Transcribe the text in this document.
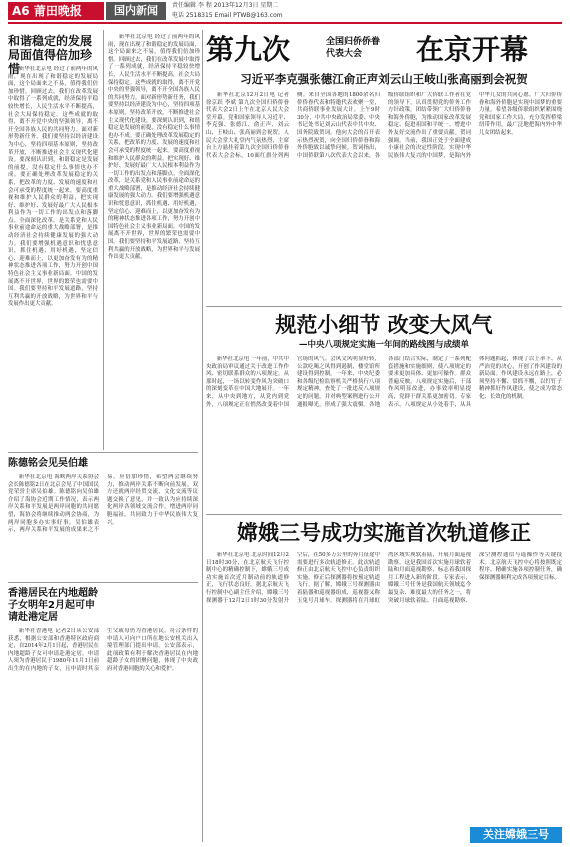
A6 莆田晚报	国内新闻	责任编辑 李 程 2013年12月3日 星期二
电话 2518315 Email PTWB@163.com
和谐稳定的发展
局面值得倍加珍惜

新华社北京电 经过了前两年的风雨，现在出现了和谐稳定的发展局面，这个局面来之不易，值得我们倍加珍惜。回顾过去，我们在改革发展中取得了一系列成就，经济保持平稳较快增长，人民生活水平不断提高，社会大局保持稳定。这些成就的取得，离不开党中央的坚强领导，离不开全国各族人民的共同努力。面对新形势新任务，我们要坚持以经济建设为中心，坚持四项基本原则，坚持改革开放，不断推进社会主义现代化建设。要深刻认识到，和谐稳定是发展的前提，没有稳定什么事情也办不成。要正确处理改革发展稳定的关系，把改革的力度、发展的速度和社会可承受的程度统一起来。要高度重视和维护人民群众的利益，把实现好、维护好、发展好最广大人民根本利益作为一切工作的出发点和落脚点。全面深化改革，是关系党和人民事业前途命运的重大战略部署，是推动经济社会持续健康发展的强大动力。我们要增强机遇意识和忧患意识，抓住机遇、用好机遇，坚定信心、迎难而上，以更加奋发有为的精神状态推进各项工作，努力开创中国特色社会主义事业新局面。中国的发展离不开世界，世界的繁荣也需要中国。我们要坚持和平发展道路，坚持互利共赢的开放战略，为世界和平与发展作出更大贡献。

新华社北京电 经过了前两年的风雨，现在出现了和谐稳定的发展局面，这个局面来之不易，值得我们倍加珍惜。回顾过去，我们在改革发展中取得了一系列成就，经济保持平稳较快增长，人民生活水平不断提高，社会大局保持稳定。这些成就的取得，离不开党中央的坚强领导，离不开全国各族人民的共同努力。面对新形势新任务，我们要坚持以经济建设为中心，坚持四项基本原则，坚持改革开放，不断推进社会主义现代化建设。要深刻认识到，和谐稳定是发展的前提，没有稳定什么事情也办不成。要正确处理改革发展稳定的关系，把改革的力度、发展的速度和社会可承受的程度统一起来。要高度重视和维护人民群众的利益，把实现好、维护好、发展好最广大人民根本利益作为一切工作的出发点和落脚点。全面深化改革，是关系党和人民事业前途命运的重大战略部署，是推动经济社会持续健康发展的强大动力。我们要增强机遇意识和忧患意识，抓住机遇、用好机遇，坚定信心、迎难而上，以更加奋发有为的精神状态推进各项工作，努力开创中国特色社会主义事业新局面。中国的发展离不开世界，世界的繁荣也需要中国。我们要坚持和平发展道路，坚持互利共赢的开放战略，为世界和平与发展作出更大贡献。

陈德铭会见吴伯雄

新华社北京电 海峡两岸关系协会会长陈德铭2日在北京会见了中国国民党荣誉主席吴伯雄。陈德铭向吴伯雄介绍了海协会近期工作情况，表示两岸关系和平发展是两岸同胞的共同愿望，海协会将继续推动两会协商，为两岸同胞多办实事好事。吴伯雄表示，两岸关系和平发展的成果来之不易，应倍加珍惜，希望两会继续努力，推动两岸关系不断向前发展。双方还就两岸经贸交流、文化交流等议题交换了意见，并一致认为应持续深化两岸各领域交流合作，增进两岸同胞福祉，共同致力于中华民族伟大复兴。

香港居民在内地超龄
子女明年2月起可申
请赴港定居

新华社香港电 记者2日从公安部获悉，根据公安部和香港特区政府商定，自2014年2月1日起，香港居民在内地超龄子女可申请赴港定居。申请人须为香港居民于1980年11月1日前出生的在内地的子女，且申请时其亲生父或母仍为香港居民。符合条件的申请人可向户口所在地公安机关出入境管理部门提出申请。公安部表示，此项政策有利于解决香港居民在内地超龄子女的团聚问题，体现了中央政府对香港同胞的关心和爱护。

第九次	全国归侨侨眷
代表大会	在京开幕
习近平李克强张德江俞正声刘云山王岐山张高丽到会祝贺

新华社北京12月2日电 记者 徐京跃 李斌 第九次全国归侨侨眷代表大会2日上午在北京人民大会堂开幕。党和国家领导人习近平、李克强、张德江、俞正声、刘云山、王岐山、张高丽到会祝贺。人民大会堂大礼堂内气氛热烈，主席台上方悬挂着第九次全国归侨侨眷代表大会会标，10面红旗分列两侧。来自全国各地的1800余名归侨侨眷代表和特邀代表欢聚一堂，共商侨联事业发展大计。上午9时30分，中共中央政治局常委、中央书记处书记刘云山代表中共中央、国务院致贺词。他向大会的召开表示热烈祝贺，向全国归侨侨眷和海外侨胞致以诚挚问候。贺词指出，中国侨联第八次代表大会以来，各级侨联组织和广大侨联工作者在党的领导下，认真贯彻党的侨务工作方针政策，团结带领广大归侨侨眷和海外侨胞，为推动国家改革发展稳定、促进祖国和平统一、增进中外友好交流作出了重要贡献。贺词强调，当前，我国正处于全面建成小康社会的决定性阶段。实现中华民族伟大复兴的中国梦，是海内外中华儿女的共同心愿。广大归侨侨眷和海外侨胞是实现中国梦的重要力量。希望各级侨联组织紧紧围绕党和国家工作大局，充分发挥桥梁纽带作用，最广泛地把海内外中华儿女团结起来。

规范小细节 改变大风气
—中央八项规定实施一年间的路线图与成绩单

新华社北京电 一年前，中共中央政治局审议通过关于改进工作作风、密切联系群众的八项规定。从那时起，一场以转变作风为突破口的深刻变革在中国大地展开。一年来，从中央到地方，从党内到党外，八项规定正在悄然改变着中国官场的风气。会风文风明显好转，公款吃喝之风得到遏制，楼堂馆所建设得到控制。一年来，中央纪委和各级纪检监察机关严格执行八项规定精神，查处了一批违反八项规定的问题，并对典型案例进行公开通报曝光，形成了强大震慑。各地各部门结合实际，制定了一系列配套措施和实施细则，使八项规定的要求更加具体、更加可操作。群众普遍反映，八项规定实施后，干部作风明显改进，办事效率明显提高，党群干群关系更加密切。专家表示，八项规定从小处着手，从具体问题抓起，体现了以上率下、从严治党的决心，开创了作风建设的新局面。作风建设永远在路上，必须坚持不懈、常抓不懈，以钉钉子精神抓好作风建设，使之成为常态化、长效化的机制。

嫦娥三号成功实施首次轨道修正

新华社北京电 北京时间12月2日18时30分，在北京航天飞行控制中心的精确控制下，嫦娥三号成功实施首次近月制动前的轨道修正，飞行状态良好。据北京航天飞行控制中心副主任介绍，嫦娥三号探测器于12月2日1时30分发射升空后，在50多万公里的奔月征途中需要进行多次轨道修正。此次轨道修正由北京航天飞控中心负责组织实施，修正后探测器将按预定轨道飞行。据了解，嫦娥三号探测器由着陆器和巡视器组成，巡视器又称玉兔号月球车。探测器将在月球虹湾区域实现软着陆，开展月面巡视勘察。这是我国首次实施月球软着陆和月面巡视勘察，标志着我国探月工程进入新的阶段。专家表示，嫦娥三号任务是我国航天领域迄今最复杂、难度最大的任务之一，将突破月球软着陆、月面巡视勘察、深空测控通信与遥操作等关键技术。北京航天飞控中心将按照既定程序，精确实施各项控制任务，确保探测器顺利完成各项预定目标。

关注嫦娥三号
